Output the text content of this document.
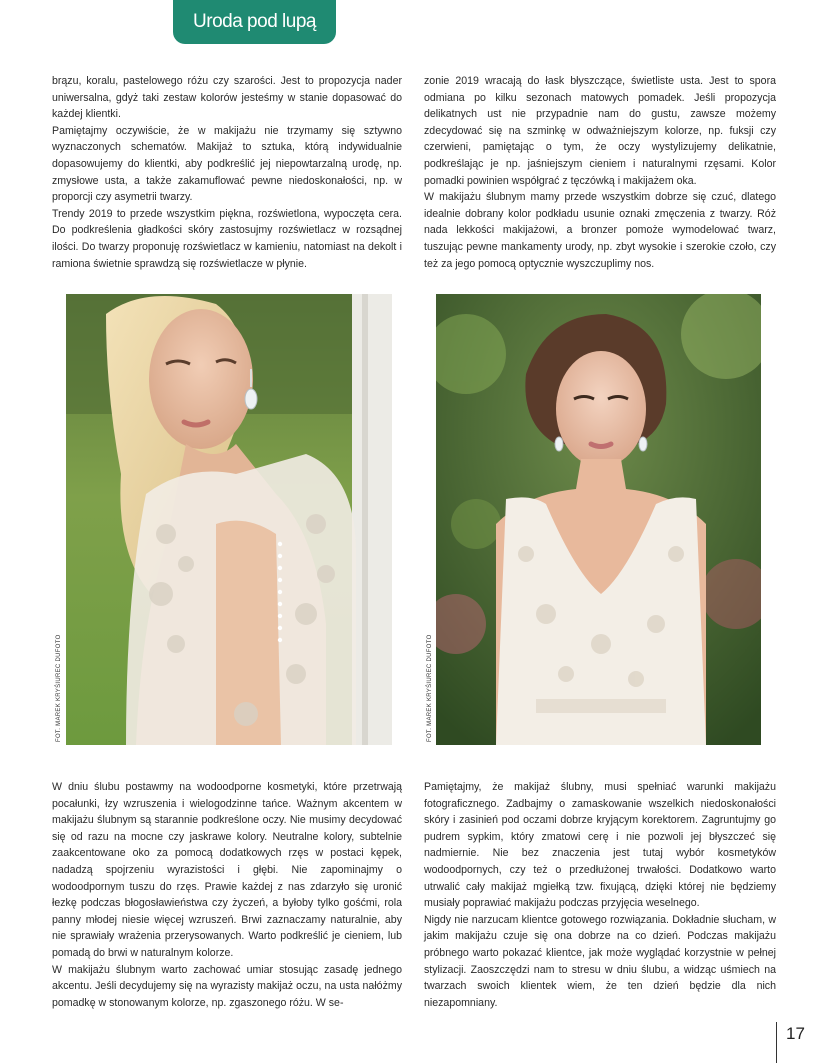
Uroda pod lupą

brązu, koralu, pastelowego różu czy szarości. Jest to propozycja nader uniwersalna, gdyż taki zestaw kolorów jesteśmy w stanie dopasować do każdej klientki.

Pamiętajmy oczywiście, że w makijażu nie trzymamy się sztywno wyznaczonych schematów. Makijaż to sztuka, którą indywidualnie dopasowujemy do klientki, aby podkreślić jej niepowtarzalną urodę, np. zmysłowe usta, a także zakamuflować pewne niedoskonałości, np. w proporcji czy asymetrii twarzy.

Trendy 2019 to przede wszystkim piękna, rozświetlona, wypoczęta cera. Do podkreślenia gładkości skóry zastosujmy rozświetlacz w rozsądnej ilości. Do twarzy proponuję rozświetlacz w kamieniu, natomiast na dekolt i ramiona świetnie sprawdzą się rozświetlacze w płynie.

zonie 2019 wracają do łask błyszczące, świetliste usta. Jest to spora odmiana po kilku sezonach matowych pomadek. Jeśli propozycja delikatnych ust nie przypadnie nam do gustu, zawsze możemy zdecydować się na szminkę w odważniejszym kolorze, np. fuksji czy czerwieni, pamiętając o tym, że oczy wystylizujemy delikatnie, podkreślając je np. jaśniejszym cieniem i naturalnymi rzęsami. Kolor pomadki powinien współgrać z tęczówką i makijażem oka.

W makijażu ślubnym mamy przede wszystkim dobrze się czuć, dlatego idealnie dobrany kolor podkładu usunie oznaki zmęczenia z twarzy. Róż nada lekkości makijażowi, a bronzer pomoże wymodelować twarz, tuszując pewne mankamenty urody, np. zbyt wysokie i szerokie czoło, czy też za jego pomocą optycznie wyszczuplimy nos.

FOT. MAREK KRYŚIUREC DUFOTO	FOT. MAREK KRYŚIUREC DUFOTO

W dniu ślubu postawmy na wodoodporne kosmetyki, które przetrwają pocałunki, łzy wzruszenia i wielogodzinne tańce. Ważnym akcentem w makijażu ślubnym są starannie podkreślone oczy. Nie musimy decydować się od razu na mocne czy jaskrawe kolory. Neutralne kolory, subtelnie zaakcentowane oko za pomocą dodatkowych rzęs w postaci kępek, nadadzą spojrzeniu wyrazistości i głębi. Nie zapominajmy o wodoodpornym tuszu do rzęs. Prawie każdej z nas zdarzyło się uronić łezkę podczas błogosławieństwa czy życzeń, a byłoby tylko gośćmi, rola panny młodej niesie więcej wzruszeń. Brwi zaznaczamy naturalnie, aby nie sprawiały wrażenia przerysowanych. Warto podkreślić je cieniem, lub pomadą do brwi w naturalnym kolorze.

W makijażu ślubnym warto zachować umiar stosując zasadę jednego akcentu. Jeśli decydujemy się na wyrazisty makijaż oczu, na usta nałóżmy pomadkę w stonowanym kolorze, np. zgaszonego różu. W se-

Pamiętajmy, że makijaż ślubny, musi spełniać warunki makijażu fotograficznego. Zadbajmy o zamaskowanie wszelkich niedoskonałości skóry i zasinień pod oczami dobrze kryjącym korektorem. Zagruntujmy go pudrem sypkim, który zmatowi cerę i nie pozwoli jej błyszczeć się nadmiernie. Nie bez znaczenia jest tutaj wybór kosmetyków wodoodpornych, czy też o przedłużonej trwałości. Dodatkowo warto utrwalić cały makijaż mgiełką tzw. fixującą, dzięki której nie będziemy musiały poprawiać makijażu podczas przyjęcia weselnego.

Nigdy nie narzucam klientce gotowego rozwiązania. Dokładnie słucham, w jakim makijażu czuje się ona dobrze na co dzień. Podczas makijażu próbnego warto pokazać klientce, jak może wyglądać korzystnie w pełnej stylizacji. Zaoszczędzi nam to stresu w dniu ślubu, a widząc uśmiech na twarzach swoich klientek wiem, że ten dzień będzie dla nich niezapomniany.

17
